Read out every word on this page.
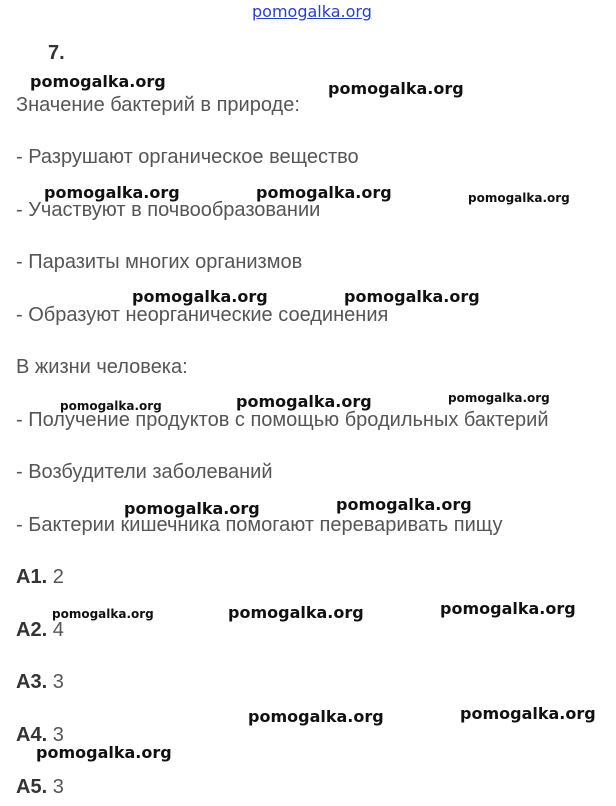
pomogalka.org
7.
Значение бактерий в природе:
- Разрушают органическое вещество
- Участвуют в почвообразовании
- Паразиты многих организмов
- Образуют неорганические соединения
В жизни человека:
- Получение продуктов с помощью бродильных бактерий
- Возбудители заболеваний
- Бактерии кишечника помогают переваривать пищу
A1. 2
A2. 4
A3. 3
A4. 3
A5. 3
pomogalka.org	pomogalka.org
pomogalka.org	pomogalka.org	pomogalka.org
pomogalka.org	pomogalka.org
pomogalka.org	pomogalka.org
pomogalka.org
pomogalka.org	pomogalka.org
pomogalka.org	pomogalka.org	pomogalka.org
pomogalka.org	pomogalka.org
pomogalka.org
